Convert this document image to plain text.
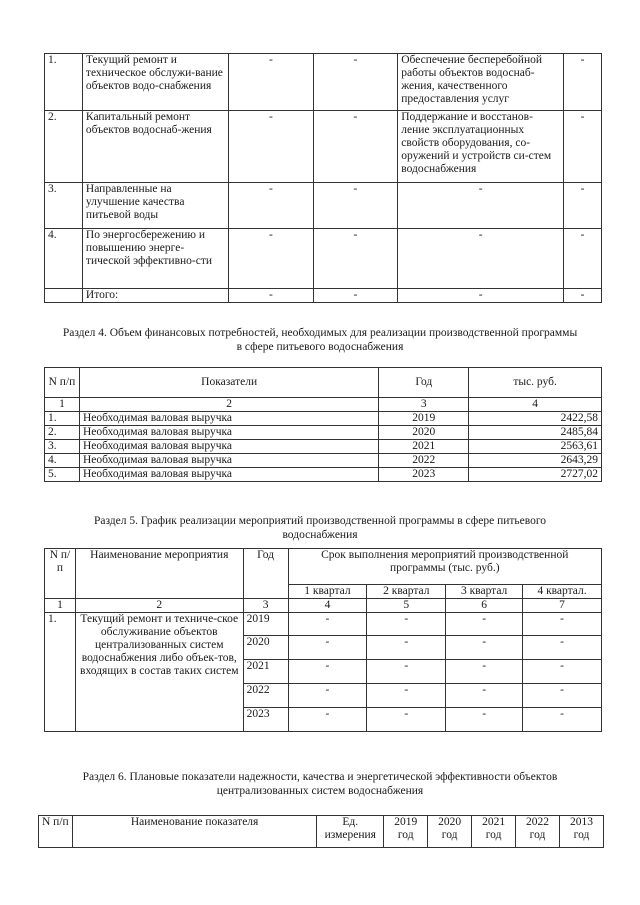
1.	Текущий ремонт и техническое обслужи-вание объектов водо-снабжения	-	-	Обеспечение бесперебойной работы объектов водоснаб-жения, качественного предоставления услуг	-
2.	Капитальный ремонт объектов водоснаб-жения	-	-	Поддержание и восстанов-ление эксплуатационных свойств оборудования, со-оружений и устройств си-стем водоснабжения	-
3.	Направленные на улучшение качества питьевой воды	-	-	-	-
4.	По энергосбережению и повышению энерге-тической эффективно-сти	-	-	-	-
	Итого:	-	-	-	-
Раздел 4. Объем финансовых потребностей, необходимых для реализации производственной программы в сфере питьевого водоснабжения
N п/п	Показатели	Год	тыс. руб.
1	2	3	4
1.	Необходимая валовая выручка	2019	2422,58
2.	Необходимая валовая выручка	2020	2485,84
3.	Необходимая валовая выручка	2021	2563,61
4.	Необходимая валовая выручка	2022	2643,29
5.	Необходимая валовая выручка	2023	2727,02
Раздел 5. График реализации мероприятий производственной программы в сфере питьевого водоснабжения
N п/п	Наименование мероприятия	Год	Срок выполнения мероприятий производственной программы (тыс. руб.)			
			1 квартал	2 квартал	3 квартал	4 квартал.
1	2	3	4	5	6	7
1.	Текущий ремонт и техниче-ское обслуживание объектов централизованных систем водоснабжения либо объек-тов, входящих в состав таких систем	2019	-	-	-	-
		2020	-	-	-	-
		2021	-	-	-	-
		2022	-	-	-	-
		2023	-	-	-	-
Раздел 6. Плановые показатели надежности, качества и энергетической эффективности объектов централизованных систем водоснабжения
N п/п	Наименование показателя	Ед. измерения	2019 год	2020 год	2021 год	2022 год	2013 год
